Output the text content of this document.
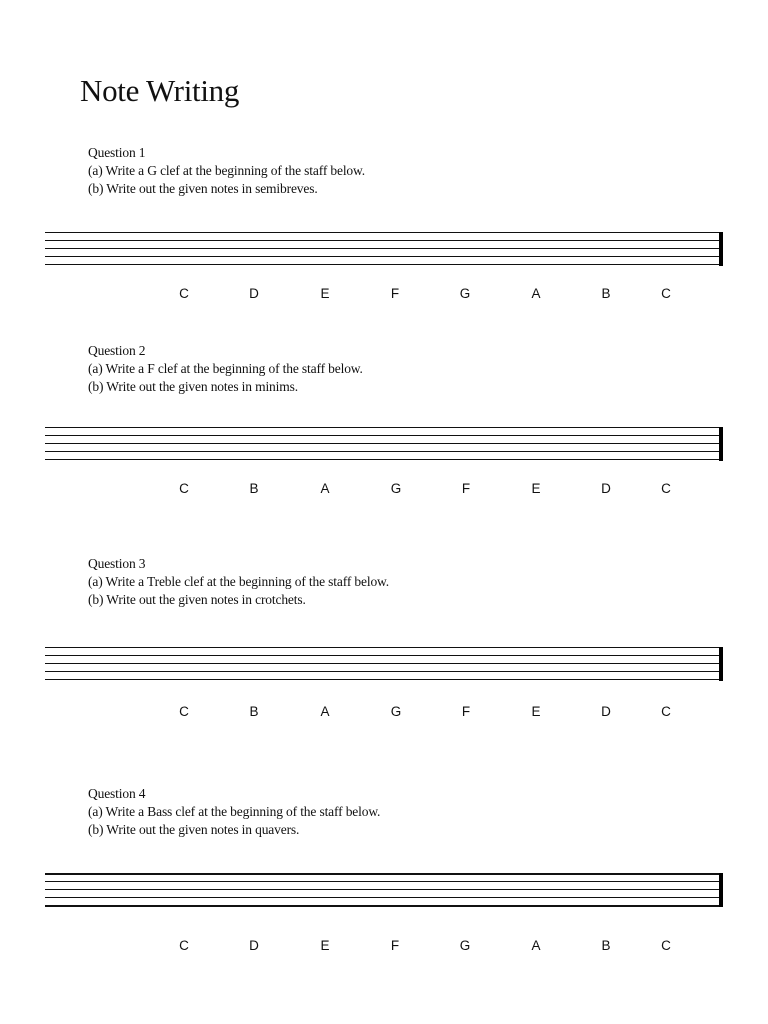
Note Writing
Question 1
(a) Write a G clef at the beginning of the staff below.
(b) Write out the given notes in semibreves.
C	D	E	F	G	A	B	C
Question 2
(a) Write a F clef at the beginning of the staff below.
(b) Write out the given notes in minims.
C	B	A	G	F	E	D	C
Question 3
(a) Write a Treble clef at the beginning of the staff below.
(b) Write out the given notes in crotchets.
C	B	A	G	F	E	D	C
Question 4
(a) Write a Bass clef at the beginning of the staff below.
(b) Write out the given notes in quavers.
C	D	E	F	G	A	B	C
